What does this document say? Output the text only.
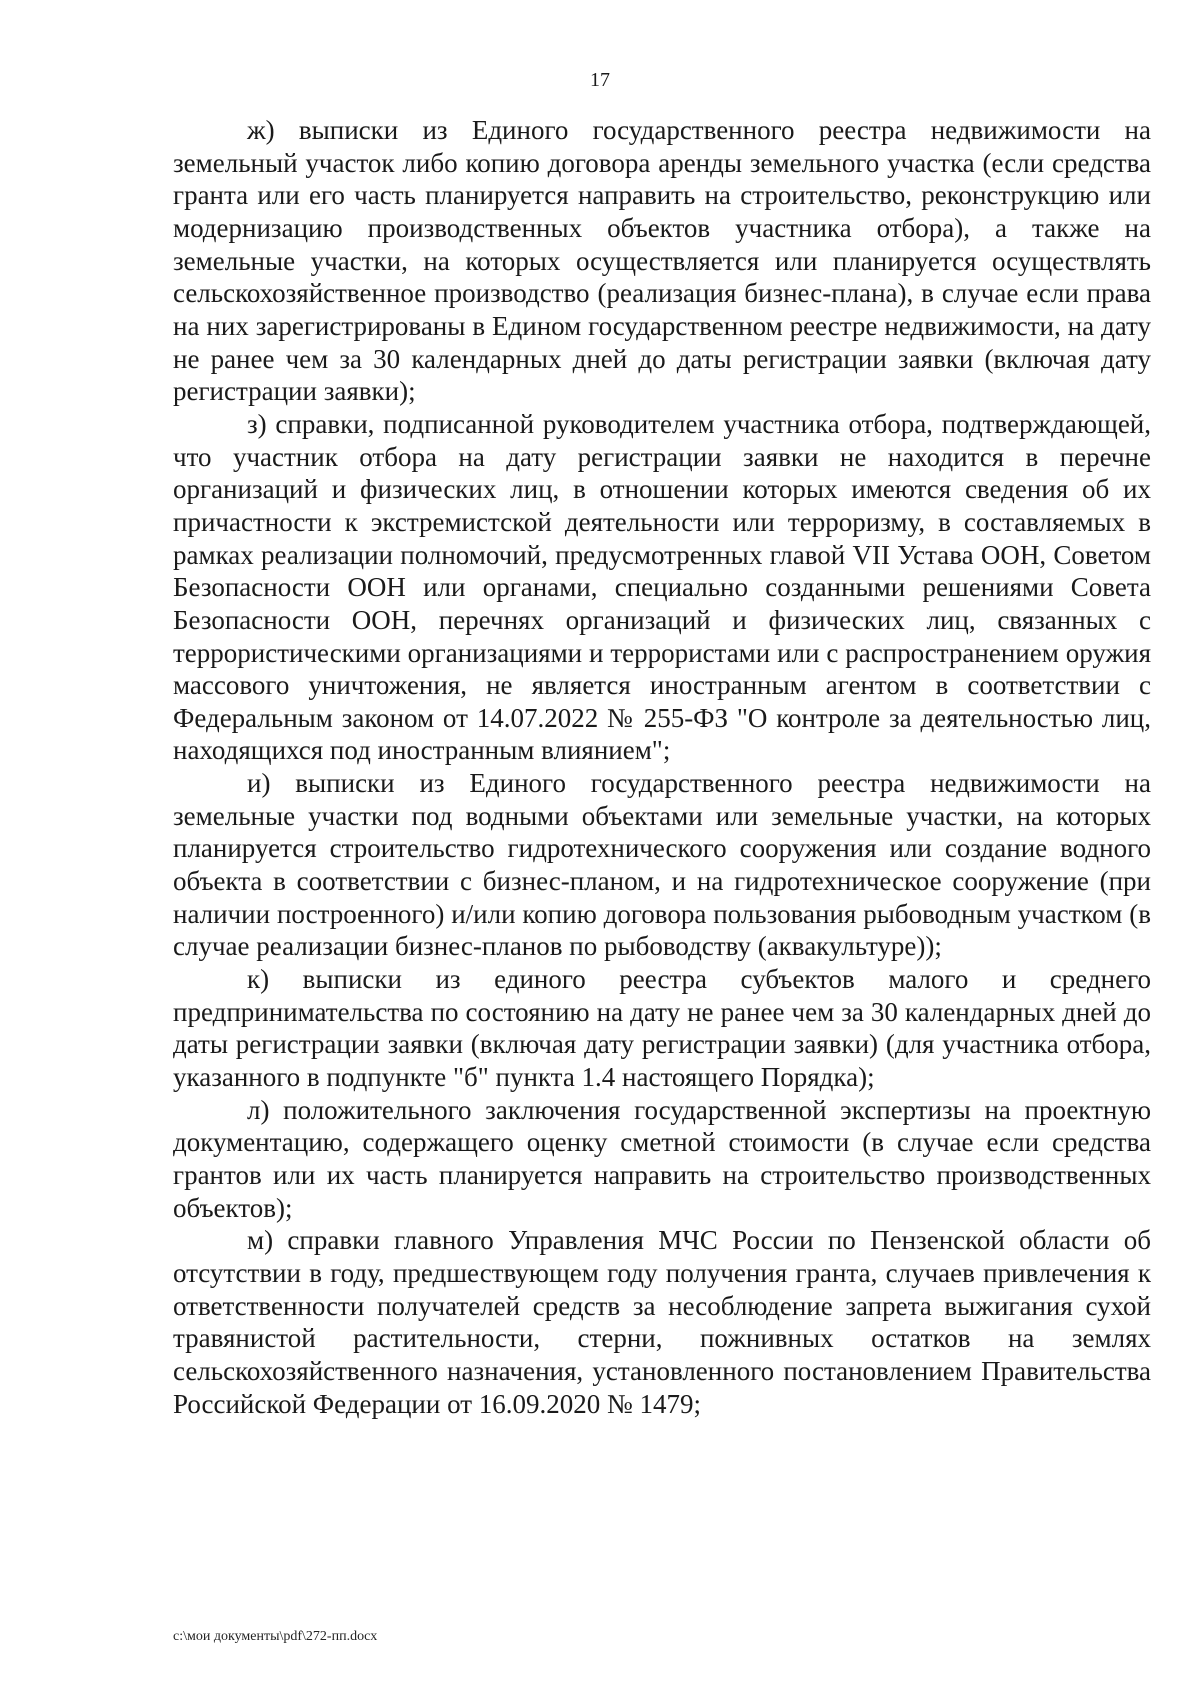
17

ж) выписки из Единого государственного реестра недвижимости на земельный участок либо копию договора аренды земельного участка (если средства гранта или его часть планируется направить на строительство, реконструкцию или модернизацию производственных объектов участника отбора), а также на земельные участки, на которых осуществляется или планируется осуществлять сельскохозяйственное производство (реализация бизнес-плана), в случае если права на них зарегистрированы в Едином государственном реестре недвижимости, на дату не ранее чем за 30 календарных дней до даты регистрации заявки (включая дату регистрации заявки);

з) справки, подписанной руководителем участника отбора, подтверждающей, что участник отбора на дату регистрации заявки не находится в перечне организаций и физических лиц, в отношении которых имеются сведения об их причастности к экстремистской деятельности или терроризму, в составляемых в рамках реализации полномочий, предусмотренных главой VII Устава ООН, Советом Безопасности ООН или органами, специально созданными решениями Совета Безопасности ООН, перечнях организаций и физических лиц, связанных с террористическими организациями и террористами или с распространением оружия массового уничтожения, не является иностранным агентом в соответствии с Федеральным законом от 14.07.2022 № 255-ФЗ "О контроле за деятельностью лиц, находящихся под иностранным влиянием";

и) выписки из Единого государственного реестра недвижимости на земельные участки под водными объектами или земельные участки, на которых планируется строительство гидротехнического сооружения или создание водного объекта в соответствии с бизнес-планом, и на гидротехническое сооружение (при наличии построенного) и/или копию договора пользования рыбоводным участком (в случае реализации бизнес-планов по рыбоводству (аквакультуре));

к) выписки из единого реестра субъектов малого и среднего предпринимательства по состоянию на дату не ранее чем за 30 календарных дней до даты регистрации заявки (включая дату регистрации заявки) (для участника отбора, указанного в подпункте "б" пункта 1.4 настоящего Порядка);

л) положительного заключения государственной экспертизы на проектную документацию, содержащего оценку сметной стоимости (в случае если средства грантов или их часть планируется направить на строительство производственных объектов);

м) справки главного Управления МЧС России по Пензенской области об отсутствии в году, предшествующем году получения гранта, случаев привлечения к ответственности получателей средств за несоблюдение запрета выжигания сухой травянистой растительности, стерни, пожнивных остатков на землях сельскохозяйственного назначения, установленного постановлением Правительства Российской Федерации от 16.09.2020 № 1479;

c:\мои документы\pdf\272-пп.docx
